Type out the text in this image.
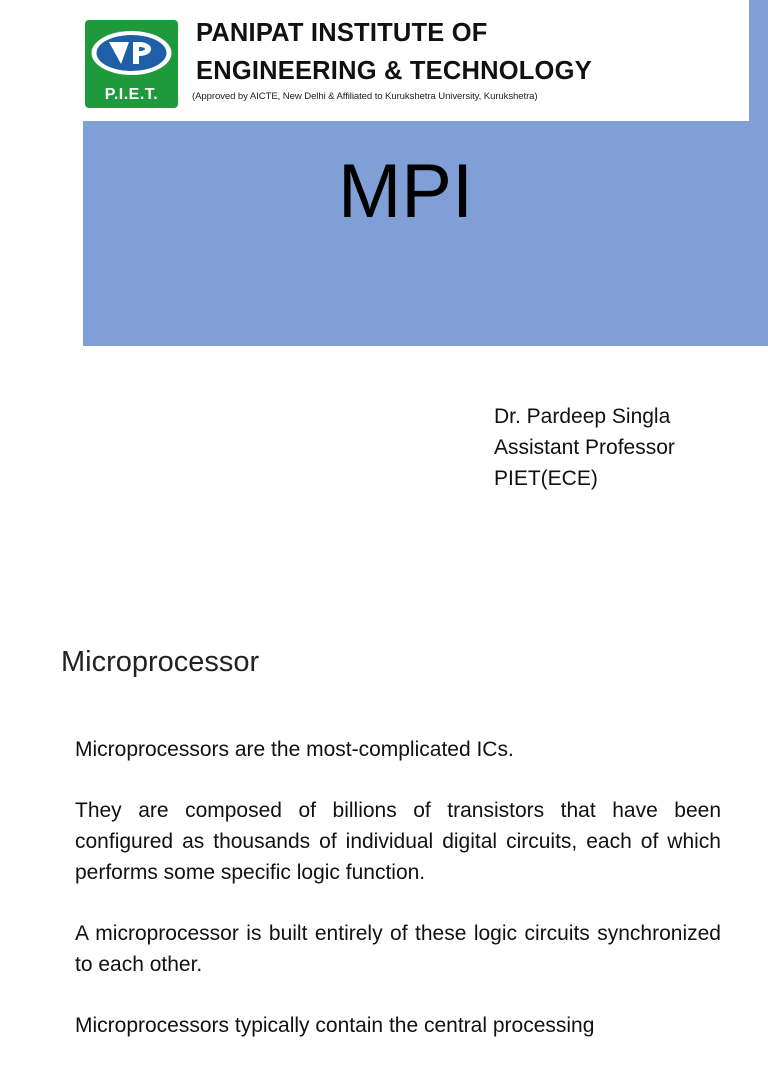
P.I.E.T.
PANIPAT INSTITUTE OF
ENGINEERING & TECHNOLOGY
(Approved by AICTE, New Delhi & Affiliated to Kurukshetra University, Kurukshetra)
MPI
Dr. Pardeep Singla
Assistant Professor
PIET(ECE)
Microprocessor

Microprocessors are the most-complicated ICs.

They are composed of billions of transistors that have been configured as thousands of individual digital circuits, each of which performs some specific logic function.

A microprocessor is built entirely of these logic circuits synchronized to each other.

Microprocessors typically contain the central processing
